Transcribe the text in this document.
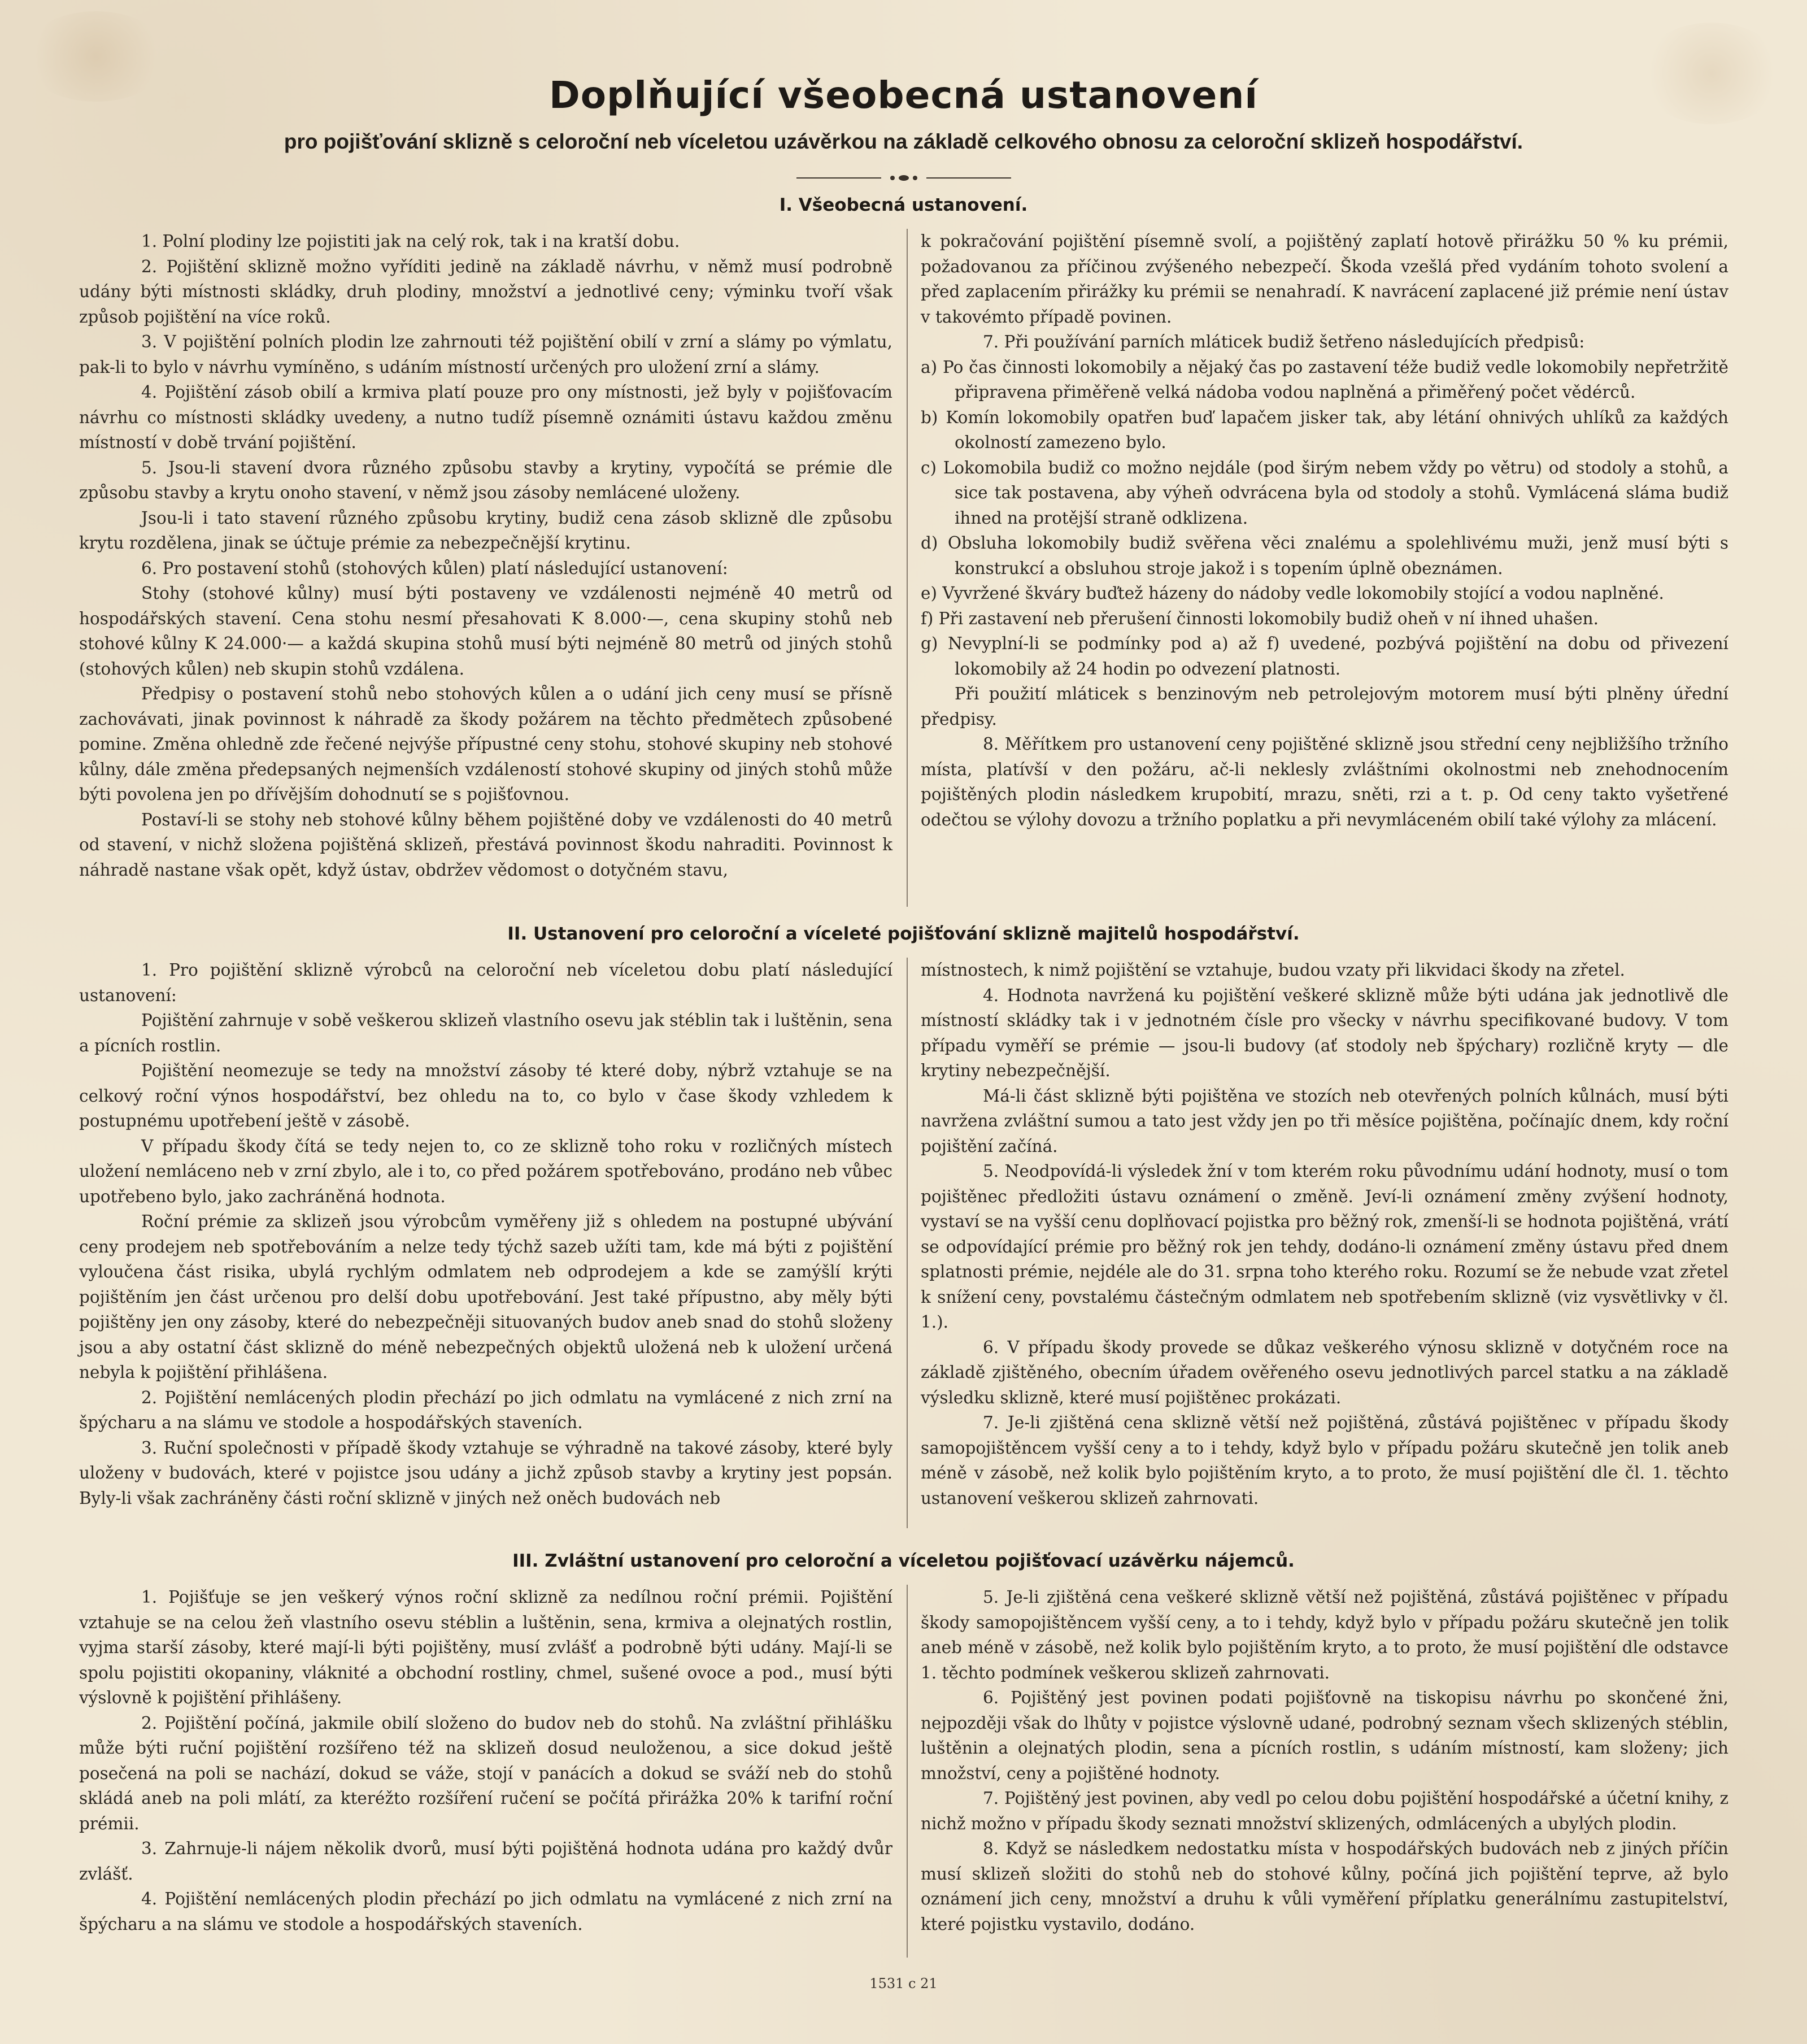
Doplňující všeobecná ustanovení
pro pojišťování sklizně s celoroční neb víceletou uzávěrkou na základě celkového obnosu za celoroční sklizeň hospodářství.
I. Všeobecná ustanovení.

1. Polní plodiny lze pojistiti jak na celý rok, tak i na kratší dobu.

2. Pojištění sklizně možno vyříditi jedině na základě návrhu, v němž musí podrobně udány býti místnosti skládky, druh plodiny, množství a jednotlivé ceny; výminku tvoří však způsob pojištění na více roků.

3. V pojištění polních plodin lze zahrnouti též pojištění obilí v zrní a slámy po výmlatu, pak-li to bylo v návrhu vymíněno, s udáním místností určených pro uložení zrní a slámy.

4. Pojištění zásob obilí a krmiva platí pouze pro ony místnosti, jež byly v pojišťovacím návrhu co místnosti skládky uvedeny, a nutno tudíž písemně oznámiti ústavu každou změnu místností v době trvání pojištění.

5. Jsou-li stavení dvora různého způsobu stavby a krytiny, vypočítá se prémie dle způsobu stavby a krytu onoho stavení, v němž jsou zásoby nemlácené uloženy.

Jsou-li i tato stavení různého způsobu krytiny, budiž cena zásob sklizně dle způsobu krytu rozdělena, jinak se účtuje prémie za nebezpečnější krytinu.

6. Pro postavení stohů (stohových kůlen) platí následující ustanovení:

Stohy (stohové kůlny) musí býti postaveny ve vzdálenosti nejméně 40 metrů od hospodářských stavení. Cena stohu nesmí přesahovati K 8.000·—, cena skupiny stohů neb stohové kůlny K 24.000·— a každá skupina stohů musí býti nejméně 80 metrů od jiných stohů (stohových kůlen) neb skupin stohů vzdálena.

Předpisy o postavení stohů nebo stohových kůlen a o udání jich ceny musí se přísně zachovávati, jinak povinnost k náhradě za škody požárem na těchto předmětech způsobené pomine. Změna ohledně zde řečené nejvýše přípustné ceny stohu, stohové skupiny neb stohové kůlny, dále změna předepsaných nejmenších vzdáleností stohové skupiny od jiných stohů může býti povolena jen po dřívějším dohodnutí se s pojišťovnou.

Postaví-li se stohy neb stohové kůlny během pojištěné doby ve vzdálenosti do 40 metrů od stavení, v nichž složena pojištěná sklizeň, přestává povinnost škodu nahraditi. Povinnost k náhradě nastane však opět, když ústav, obdržev vědomost o dotyčném stavu,

k pokračování pojištění písemně svolí, a pojištěný zaplatí hotově přirážku 50 % ku prémii, požadovanou za příčinou zvýšeného nebezpečí. Škoda vzešlá před vydáním tohoto svolení a před zaplacením přirážky ku prémii se nenahradí. K navrácení zaplacené již prémie není ústav v takovémto případě povinen.

7. Při používání parních mláticek budiž šetřeno následujících předpisů:

a) Po čas činnosti lokomobily a nějaký čas po zastavení téže budiž vedle lokomobily nepřetržitě připravena přiměřeně velká nádoba vodou naplněná a přiměřený počet vědérců.

b) Komín lokomobily opatřen buď lapačem jisker tak, aby létání ohnivých uhlíků za každých okolností zamezeno bylo.

c) Lokomobila budiž co možno nejdále (pod širým nebem vždy po větru) od stodoly a stohů, a sice tak postavena, aby výheň odvrácena byla od stodoly a stohů. Vymlácená sláma budiž ihned na protější straně odklizena.

d) Obsluha lokomobily budiž svěřena věci znalému a spolehlivému muži, jenž musí býti s konstrukcí a obsluhou stroje jakož i s topením úplně obeznámen.

e) Vyvržené škváry buďtež házeny do nádoby vedle lokomobily stojící a vodou naplněné.

f) Při zastavení neb přerušení činnosti lokomobily budiž oheň v ní ihned uhašen.

g) Nevyplní-li se podmínky pod a) až f) uvedené, pozbývá pojištění na dobu od přivezení lokomobily až 24 hodin po odvezení platnosti.

Při použití mláticek s benzinovým neb petrolejovým motorem musí býti plněny úřední předpisy.

8. Měřítkem pro ustanovení ceny pojištěné sklizně jsou střední ceny nejbližšího tržního místa, platívší v den požáru, ač-li neklesly zvláštními okolnostmi neb znehodnocením pojištěných plodin následkem krupobití, mrazu, sněti, rzi a t. p. Od ceny takto vyšetřené odečtou se výlohy dovozu a tržního poplatku a při nevymláceném obilí také výlohy za mlácení.

II. Ustanovení pro celoroční a víceleté pojišťování sklizně majitelů hospodářství.

1. Pro pojištění sklizně výrobců na celoroční neb víceletou dobu platí následující ustanovení:

Pojištění zahrnuje v sobě veškerou sklizeň vlastního osevu jak stéblin tak i luštěnin, sena a pícních rostlin.

Pojištění neomezuje se tedy na množství zásoby té které doby, nýbrž vztahuje se na celkový roční výnos hospodářství, bez ohledu na to, co bylo v čase škody vzhledem k postupnému upotřebení ještě v zásobě.

V případu škody čítá se tedy nejen to, co ze sklizně toho roku v rozličných místech uložení nemláceno neb v zrní zbylo, ale i to, co před požárem spotřebováno, prodáno neb vůbec upotřebeno bylo, jako zachráněná hodnota.

Roční prémie za sklizeň jsou výrobcům vyměřeny již s ohledem na postupné ubývání ceny prodejem neb spotřebováním a nelze tedy týchž sazeb užíti tam, kde má býti z pojištění vyloučena část risika, ubylá rychlým odmlatem neb odprodejem a kde se zamýšlí krýti pojištěním jen část určenou pro delší dobu upotřebování. Jest také přípustno, aby měly býti pojištěny jen ony zásoby, které do nebezpečněji situovaných budov aneb snad do stohů složeny jsou a aby ostatní část sklizně do méně nebezpečných objektů uložená neb k uložení určená nebyla k pojištění přihlášena.

2. Pojištění nemlácených plodin přechází po jich odmlatu na vymlácené z nich zrní na špýcharu a na slámu ve stodole a hospodářských staveních.

3. Ruční společnosti v případě škody vztahuje se výhradně na takové zásoby, které byly uloženy v budovách, které v pojistce jsou udány a jichž způsob stavby a krytiny jest popsán. Byly-li však zachráněny části roční sklizně v jiných než oněch budovách neb

místnostech, k nimž pojištění se vztahuje, budou vzaty při likvidaci škody na zřetel.

4. Hodnota navržená ku pojištění veškeré sklizně může býti udána jak jednotlivě dle místností skládky tak i v jednotném čísle pro všecky v návrhu specifikované budovy. V tom případu vyměří se prémie — jsou-li budovy (ať stodoly neb špýchary) rozličně kryty — dle krytiny nebezpečnější.

Má-li část sklizně býti pojištěna ve stozích neb otevřených polních kůlnách, musí býti navržena zvláštní sumou a tato jest vždy jen po tři měsíce pojištěna, počínajíc dnem, kdy roční pojištění začíná.

5. Neodpovídá-li výsledek žní v tom kterém roku původnímu udání hodnoty, musí o tom pojištěnec předložiti ústavu oznámení o změně. Jeví-li oznámení změny zvýšení hodnoty, vystaví se na vyšší cenu doplňovací pojistka pro běžný rok, zmenší-li se hodnota pojištěná, vrátí se odpovídající prémie pro běžný rok jen tehdy, dodáno-li oznámení změny ústavu před dnem splatnosti prémie, nejdéle ale do 31. srpna toho kterého roku. Rozumí se že nebude vzat zřetel k snížení ceny, povstalému částečným odmlatem neb spotřebením sklizně (viz vysvětlivky v čl. 1.).

6. V případu škody provede se důkaz veškerého výnosu sklizně v dotyčném roce na základě zjištěného, obecním úřadem ověřeného osevu jednotlivých parcel statku a na základě výsledku sklizně, které musí pojištěnec prokázati.

7. Je-li zjištěná cena sklizně větší než pojištěná, zůstává pojištěnec v případu škody samopojištěncem vyšší ceny a to i tehdy, když bylo v případu požáru skutečně jen tolik aneb méně v zásobě, než kolik bylo pojištěním kryto, a to proto, že musí pojištění dle čl. 1. těchto ustanovení veškerou sklizeň zahrnovati.

III. Zvláštní ustanovení pro celoroční a víceletou pojišťovací uzávěrku nájemců.

1. Pojišťuje se jen veškerý výnos roční sklizně za nedílnou roční prémii. Pojištění vztahuje se na celou žeň vlastního osevu stéblin a luštěnin, sena, krmiva a olejnatých rostlin, vyjma starší zásoby, které mají-li býti pojištěny, musí zvlášť a podrobně býti udány. Mají-li se spolu pojistiti okopaniny, vláknité a obchodní rostliny, chmel, sušené ovoce a pod., musí býti výslovně k pojištění přihlášeny.

2. Pojištění počíná, jakmile obilí složeno do budov neb do stohů. Na zvláštní přihlášku může býti ruční pojištění rozšířeno též na sklizeň dosud neuloženou, a sice dokud ještě posečená na poli se nachází, dokud se váže, stojí v panácích a dokud se sváží neb do stohů skládá aneb na poli mlátí, za kteréžto rozšíření ručení se počítá přirážka 20% k tarifní roční prémii.

3. Zahrnuje-li nájem několik dvorů, musí býti pojištěná hodnota udána pro každý dvůr zvlášť.

4. Pojištění nemlácených plodin přechází po jich odmlatu na vymlácené z nich zrní na špýcharu a na slámu ve stodole a hospodářských staveních.

5. Je-li zjištěná cena veškeré sklizně větší než pojištěná, zůstává pojištěnec v případu škody samopojištěncem vyšší ceny, a to i tehdy, když bylo v případu požáru skutečně jen tolik aneb méně v zásobě, než kolik bylo pojištěním kryto, a to proto, že musí pojištění dle odstavce 1. těchto podmínek veškerou sklizeň zahrnovati.

6. Pojištěný jest povinen podati pojišťovně na tiskopisu návrhu po skončené žni, nejpozději však do lhůty v pojistce výslovně udané, podrobný seznam všech sklizených stéblin, luštěnin a olejnatých plodin, sena a pícních rostlin, s udáním místností, kam složeny; jich množství, ceny a pojištěné hodnoty.

7. Pojištěný jest povinen, aby vedl po celou dobu pojištění hospodářské a účetní knihy, z nichž možno v případu škody seznati množství sklizených, odmlácených a ubylých plodin.

8. Když se následkem nedostatku místa v hospodářských budovách neb z jiných příčin musí sklizeň složiti do stohů neb do stohové kůlny, počíná jich pojištění teprve, až bylo oznámení jich ceny, množství a druhu k vůli vyměření příplatku generálnímu zastupitelství, které pojistku vystavilo, dodáno.

1531 c 21
